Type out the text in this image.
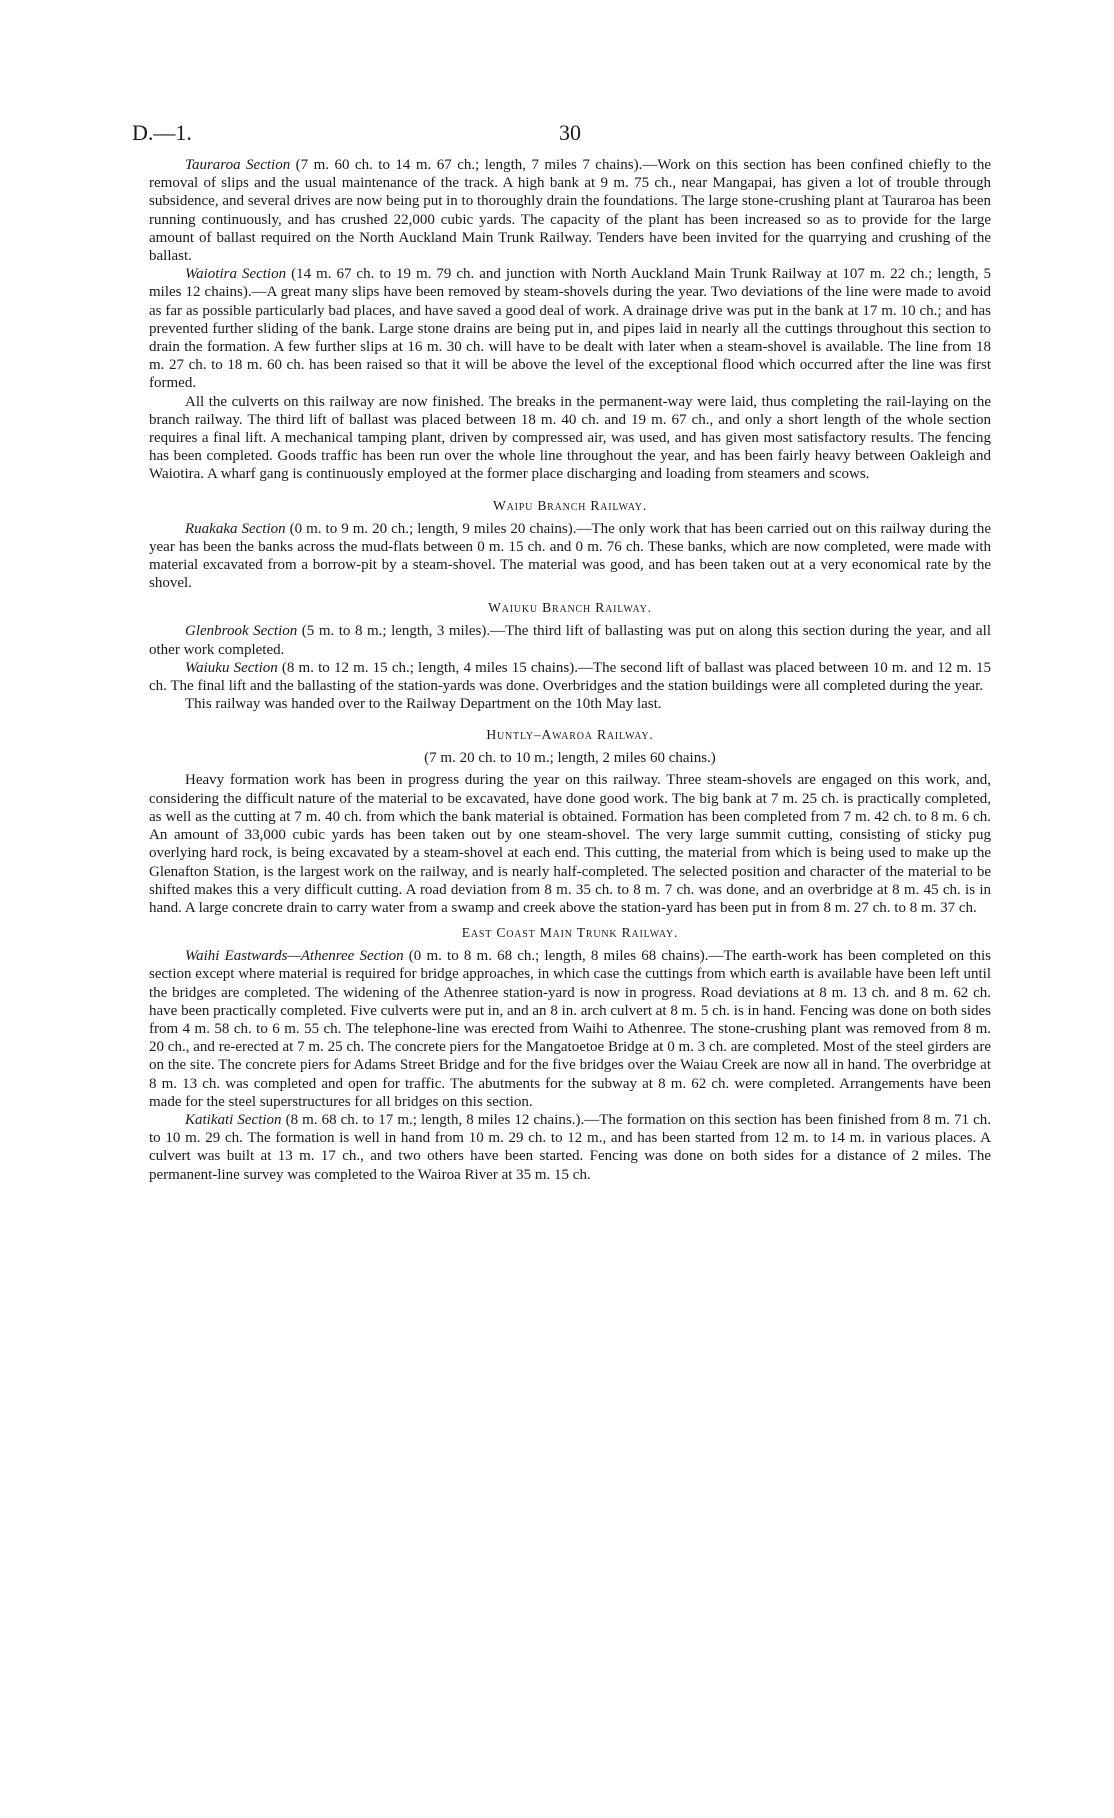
D.—1.	30

Tauraroa Section (7 m. 60 ch. to 14 m. 67 ch.; length, 7 miles 7 chains).—Work on this section has been confined chiefly to the removal of slips and the usual maintenance of the track. A high bank at 9 m. 75 ch., near Mangapai, has given a lot of trouble through subsidence, and several drives are now being put in to thoroughly drain the foundations. The large stone-crushing plant at Tauraroa has been running continuously, and has crushed 22,000 cubic yards. The capacity of the plant has been increased so as to provide for the large amount of ballast required on the North Auckland Main Trunk Railway. Tenders have been invited for the quarrying and crushing of the ballast.

Waiotira Section (14 m. 67 ch. to 19 m. 79 ch. and junction with North Auckland Main Trunk Railway at 107 m. 22 ch.; length, 5 miles 12 chains).—A great many slips have been removed by steam-shovels during the year. Two deviations of the line were made to avoid as far as possible particularly bad places, and have saved a good deal of work. A drainage drive was put in the bank at 17 m. 10 ch.; and has prevented further sliding of the bank. Large stone drains are being put in, and pipes laid in nearly all the cuttings throughout this section to drain the formation. A few further slips at 16 m. 30 ch. will have to be dealt with later when a steam-shovel is available. The line from 18 m. 27 ch. to 18 m. 60 ch. has been raised so that it will be above the level of the exceptional flood which occurred after the line was first formed.

All the culverts on this railway are now finished. The breaks in the permanent-way were laid, thus completing the rail-laying on the branch railway. The third lift of ballast was placed between 18 m. 40 ch. and 19 m. 67 ch., and only a short length of the whole section requires a final lift. A mechanical tamping plant, driven by compressed air, was used, and has given most satisfactory results. The fencing has been completed. Goods traffic has been run over the whole line throughout the year, and has been fairly heavy between Oakleigh and Waiotira. A wharf gang is continuously employed at the former place discharging and loading from steamers and scows.

Waipu Branch Railway.

Ruakaka Section (0 m. to 9 m. 20 ch.; length, 9 miles 20 chains).—The only work that has been carried out on this railway during the year has been the banks across the mud-flats between 0 m. 15 ch. and 0 m. 76 ch. These banks, which are now completed, were made with material excavated from a borrow-pit by a steam-shovel. The material was good, and has been taken out at a very economical rate by the shovel.

Waiuku Branch Railway.

Glenbrook Section (5 m. to 8 m.; length, 3 miles).—The third lift of ballasting was put on along this section during the year, and all other work completed.

Waiuku Section (8 m. to 12 m. 15 ch.; length, 4 miles 15 chains).—The second lift of ballast was placed between 10 m. and 12 m. 15 ch. The final lift and the ballasting of the station-yards was done. Overbridges and the station buildings were all completed during the year.

This railway was handed over to the Railway Department on the 10th May last.

Huntly–Awaroa Railway.
(7 m. 20 ch. to 10 m.; length, 2 miles 60 chains.)

Heavy formation work has been in progress during the year on this railway. Three steam-shovels are engaged on this work, and, considering the difficult nature of the material to be excavated, have done good work. The big bank at 7 m. 25 ch. is practically completed, as well as the cutting at 7 m. 40 ch. from which the bank material is obtained. Formation has been completed from 7 m. 42 ch. to 8 m. 6 ch. An amount of 33,000 cubic yards has been taken out by one steam-shovel. The very large summit cutting, consisting of sticky pug overlying hard rock, is being excavated by a steam-shovel at each end. This cutting, the material from which is being used to make up the Glenafton Station, is the largest work on the railway, and is nearly half-completed. The selected position and character of the material to be shifted makes this a very difficult cutting. A road deviation from 8 m. 35 ch. to 8 m. 7 ch. was done, and an overbridge at 8 m. 45 ch. is in hand. A large concrete drain to carry water from a swamp and creek above the station-yard has been put in from 8 m. 27 ch. to 8 m. 37 ch.

East Coast Main Trunk Railway.

Waihi Eastwards—Athenree Section (0 m. to 8 m. 68 ch.; length, 8 miles 68 chains).—The earth-work has been completed on this section except where material is required for bridge approaches, in which case the cuttings from which earth is available have been left until the bridges are completed. The widening of the Athenree station-yard is now in progress. Road deviations at 8 m. 13 ch. and 8 m. 62 ch. have been practically completed. Five culverts were put in, and an 8 in. arch culvert at 8 m. 5 ch. is in hand. Fencing was done on both sides from 4 m. 58 ch. to 6 m. 55 ch. The telephone-line was erected from Waihi to Athenree. The stone-crushing plant was removed from 8 m. 20 ch., and re-erected at 7 m. 25 ch. The concrete piers for the Mangatoetoe Bridge at 0 m. 3 ch. are completed. Most of the steel girders are on the site. The concrete piers for Adams Street Bridge and for the five bridges over the Waiau Creek are now all in hand. The overbridge at 8 m. 13 ch. was completed and open for traffic. The abutments for the subway at 8 m. 62 ch. were completed. Arrangements have been made for the steel superstructures for all bridges on this section.

Katikati Section (8 m. 68 ch. to 17 m.; length, 8 miles 12 chains.).—The formation on this section has been finished from 8 m. 71 ch. to 10 m. 29 ch. The formation is well in hand from 10 m. 29 ch. to 12 m., and has been started from 12 m. to 14 m. in various places. A culvert was built at 13 m. 17 ch., and two others have been started. Fencing was done on both sides for a distance of 2 miles. The permanent-line survey was completed to the Wairoa River at 35 m. 15 ch.
